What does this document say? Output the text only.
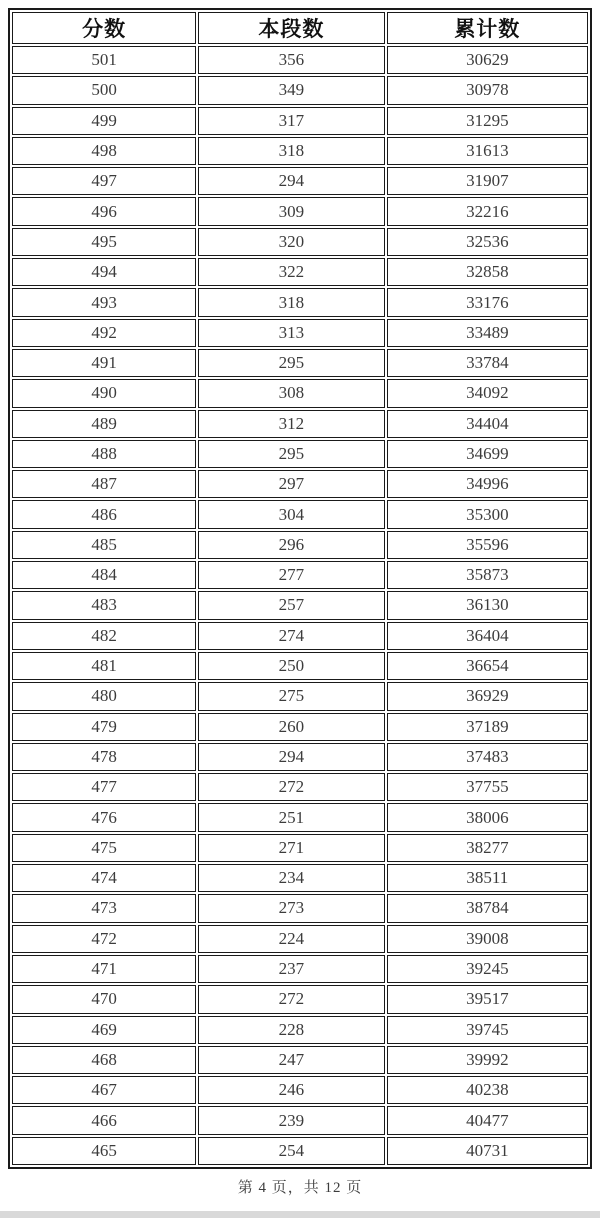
分数	本段数	累计数
501	356	30629
500	349	30978
499	317	31295
498	318	31613
497	294	31907
496	309	32216
495	320	32536
494	322	32858
493	318	33176
492	313	33489
491	295	33784
490	308	34092
489	312	34404
488	295	34699
487	297	34996
486	304	35300
485	296	35596
484	277	35873
483	257	36130
482	274	36404
481	250	36654
480	275	36929
479	260	37189
478	294	37483
477	272	37755
476	251	38006
475	271	38277
474	234	38511
473	273	38784
472	224	39008
471	237	39245
470	272	39517
469	228	39745
468	247	39992
467	246	40238
466	239	40477
465	254	40731
第 4 页，共 12 页
